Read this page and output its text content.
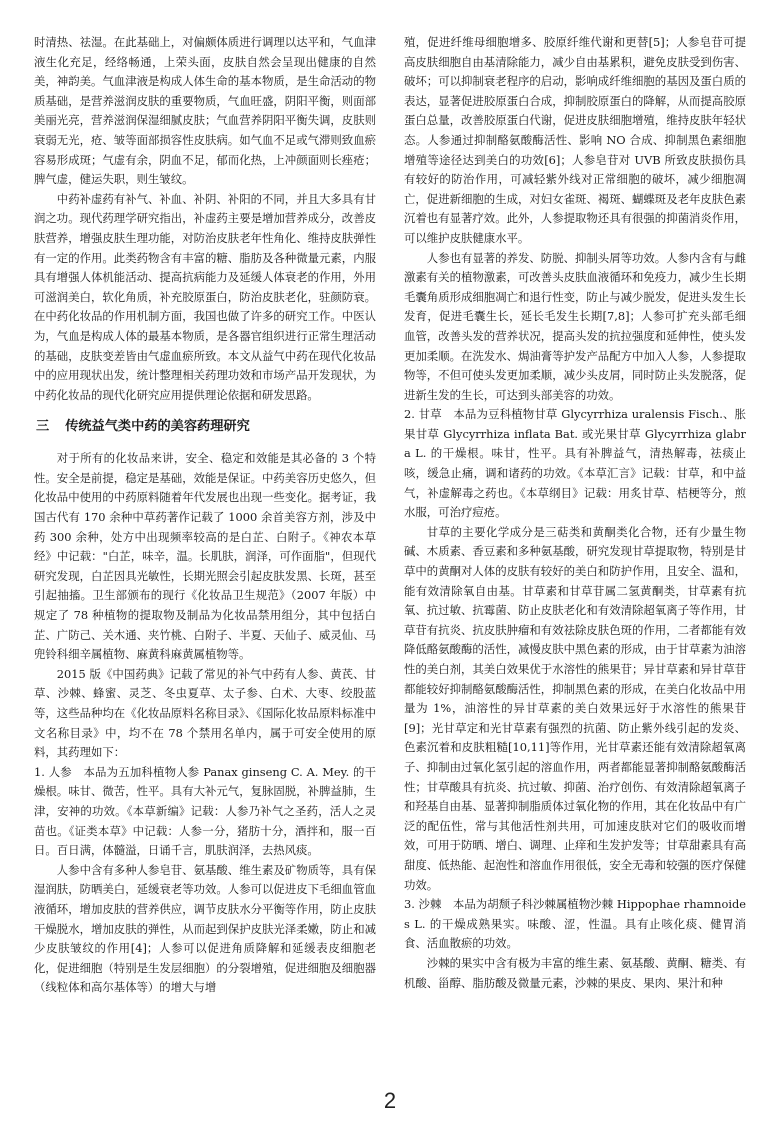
时清热、祛湿。在此基础上，对偏颇体质进行调理以达平和，气血津液生化充足，经络畅通，上荣头面，皮肤自然会呈现出健康的自然美，神韵美。气血津液是构成人体生命的基本物质，是生命活动的物质基础，是营养滋润皮肤的重要物质，气血旺盛，阴阳平衡，则面部美丽光亮，营养滋润保湿细腻皮肤；气血营养阴阳平衡失调，皮肤则衰弱无光，疮、皱等面部损容性皮肤病。如气血不足或气滞则致血瘀容易形成斑；气虚有余，阴血不足，郁而化热，上冲颜面则长痤疮；脾气虚，健运失职，则生皱纹。

中药补虚药有补气、补血、补阴、补阳的不同，并且大多具有甘润之功。现代药理学研究指出，补虚药主要是增加营养成分，改善皮肤营养，增强皮肤生理功能，对防治皮肤老年性角化、维持皮肤弹性有一定的作用。此类药物含有丰富的糖、脂肪及各种微量元素，内服具有增强人体机能活动、提高抗病能力及延缓人体衰老的作用，外用可滋润美白，软化角质，补充胶原蛋白，防治皮肤老化，驻颜防衰。在中药化妆品的作用机制方面，我国也做了许多的研究工作。中医认为，气血是构成人体的最基本物质，是各器官组织进行正常生理活动的基础，皮肤变差皆由气虚血瘀所致。本文从益气中药在现代化妆品中的应用现状出发，统计整理相关药理功效和市场产品开发现状，为中药化妆品的现代化研究应用提供理论依据和研发思路。

三 传统益气类中药的美容药理研究

对于所有的化妆品来讲，安全、稳定和效能是其必备的 3 个特性。安全是前提，稳定是基础，效能是保证。中药美容历史悠久，但化妆品中使用的中药原料随着年代发展也出现一些变化。据考证，我国古代有 170 余种中草药著作记载了 1000 余首美容方剂，涉及中药 300 余种，处方中出现频率较高的是白芷、白附子。《神农本草经》中记载："白芷，味辛，温。长肌肤，润泽，可作面脂"，但现代研究发现，白芷因具光敏性，长期光照会引起皮肤发黑、长斑，甚至引起抽搐。卫生部颁布的现行《化妆品卫生规范》（2007 年版）中规定了 78 种植物的提取物及制品为化妆品禁用组分，其中包括白芷、广防己、关木通、夹竹桃、白附子、半夏、天仙子、威灵仙、马兜铃科细辛属植物、麻黄科麻黄属植物等。

2015 版《中国药典》记载了常见的补气中药有人参、黄芪、甘草、沙棘、蜂蜜、灵芝、冬虫夏草、太子参、白术、大枣、绞股蓝等，这些品种均在《化妆品原料名称目录》、《国际化妆品原料标准中文名称目录》中，均不在 78 个禁用名单内，属于可安全使用的原料，其药理如下：

1. 人参　本品为五加科植物人参 Panax ginseng C. A. Mey. 的干燥根。味甘、微苦，性平。具有大补元气，复脉固脱，补脾益肺，生津，安神的功效。《本草新编》记载：人参乃补气之圣药，活人之灵苗也。《证类本草》中记载：人参一分，猪肪十分，酒拌和，服一百日。百日满，体髓溢，日诵千言，肌肤润泽，去热风痰。

人参中含有多种人参皂苷、氨基酸、维生素及矿物质等，具有保湿润肤，防晒美白，延缓衰老等功效。人参可以促进皮下毛细血管血液循环，增加皮肤的营养供应，调节皮肤水分平衡等作用，防止皮肤干燥脱水，增加皮肤的弹性，从而起到保护皮肤光泽柔嫩，防止和减少皮肤皱纹的作用[4]；人参可以促进角质降解和延缓表皮细胞老化，促进细胞（特别是生发层细胞）的分裂增殖，促进细胞及细胞器（线粒体和高尔基体等）的增大与增

殖，促进纤维母细胞增多、胶原纤维代谢和更替[5]；人参皂苷可提高皮肤细胞自由基清除能力，减少自由基累积，避免皮肤受到伤害、破坏；可以抑制衰老程序的启动，影响成纤维细胞的基因及蛋白质的表达，显著促进胶原蛋白合成，抑制胶原蛋白的降解，从而提高胶原蛋白总量，改善胶原蛋白代谢，促进皮肤细胞增殖，维持皮肤年轻状态。人参通过抑制酪氨酸酶活性、影响 NO 合成、抑制黑色素细胞增殖等途径达到美白的功效[6]；人参皂苷对 UVB 所致皮肤损伤具有较好的防治作用，可减轻紫外线对正常细胞的破坏，减少细胞凋亡，促进新细胞的生成，对妇女雀斑、褐斑、蝴蝶斑及老年皮肤色素沉着也有显著疗效。此外，人参提取物还具有很强的抑菌消炎作用，可以维护皮肤健康水平。

人参也有显著的养发、防脱、抑制头屑等功效。人参内含有与雌激素有关的植物激素，可改善头皮肤血液循环和免疫力，减少生长期毛囊角质形成细胞凋亡和退行性变，防止与减少脱发，促进头发生长发育，促进毛囊生长，延长毛发生长期[7,8]；人参可扩充头部毛细血管，改善头发的营养状况，提高头发的抗拉强度和延伸性，使头发更加柔顺。在洗发水、焗油膏等护发产品配方中加入人参，人参提取物等，不但可使头发更加柔顺，减少头皮屑，同时防止头发脱落，促进新生发的生长，可达到头部美容的功效。

2. 甘草　本品为豆科植物甘草 Glycyrrhiza uralensis Fisch.、胀果甘草 Glycyrrhiza inflata Bat. 或光果甘草 Glycyrrhiza glabra L. 的干燥根。味甘，性平。具有补脾益气，清热解毒，祛痰止咳，缓急止痛，调和诸药的功效。《本草汇言》记载：甘草，和中益气，补虚解毒之药也。《本草纲目》记载：用炙甘草、桔梗等分，煎水服，可治疗痘疮。

甘草的主要化学成分是三萜类和黄酮类化合物，还有少量生物碱、木质素、香豆素和多种氨基酸，研究发现甘草提取物，特别是甘草中的黄酮对人体的皮肤有较好的美白和防护作用，且安全、温和，能有效清除氧自由基。甘草素和甘草苷属二氢黄酮类，甘草素有抗氧、抗过敏、抗霉菌、防止皮肤老化和有效清除超氧离子等作用，甘草苷有抗炎、抗皮肤肿瘤和有效祛除皮肤色斑的作用，二者都能有效降低酪氨酸酶的活性，减慢皮肤中黑色素的形成，由于甘草素为油溶性的美白剂，其美白效果优于水溶性的熊果苷；异甘草素和异甘草苷都能较好抑制酪氨酸酶活性，抑制黑色素的形成，在美白化妆品中用量为 1%，油溶性的异甘草素的美白效果远好于水溶性的熊果苷[9]；光甘草定和光甘草素有强烈的抗菌、防止紫外线引起的发炎、色素沉着和皮肤粗糙[10,11]等作用，光甘草素还能有效清除超氧离子、抑制由过氧化氢引起的溶血作用，两者都能显著抑制酪氨酸酶活性；甘草酸具有抗炎、抗过敏、抑菌、治疗创伤、有效清除超氧离子和羟基自由基、显著抑制脂质体过氧化物的作用，其在化妆品中有广泛的配伍性，常与其他活性剂共用，可加速皮肤对它们的吸收而增效，可用于防晒、增白、调理、止痒和生发护发等；甘草甜素具有高甜度、低热能、起泡性和溶血作用很低，安全无毒和较强的医疗保健功效。

3. 沙棘　本品为胡颓子科沙棘属植物沙棘 Hippophae rhamnoides L. 的干燥成熟果实。味酸、涩，性温。具有止咳化痰、健胃消食、活血散瘀的功效。

沙棘的果实中含有极为丰富的维生素、氨基酸、黄酮、糖类、有机酸、甾醇、脂肪酸及微量元素，沙棘的果皮、果肉、果汁和种

2
